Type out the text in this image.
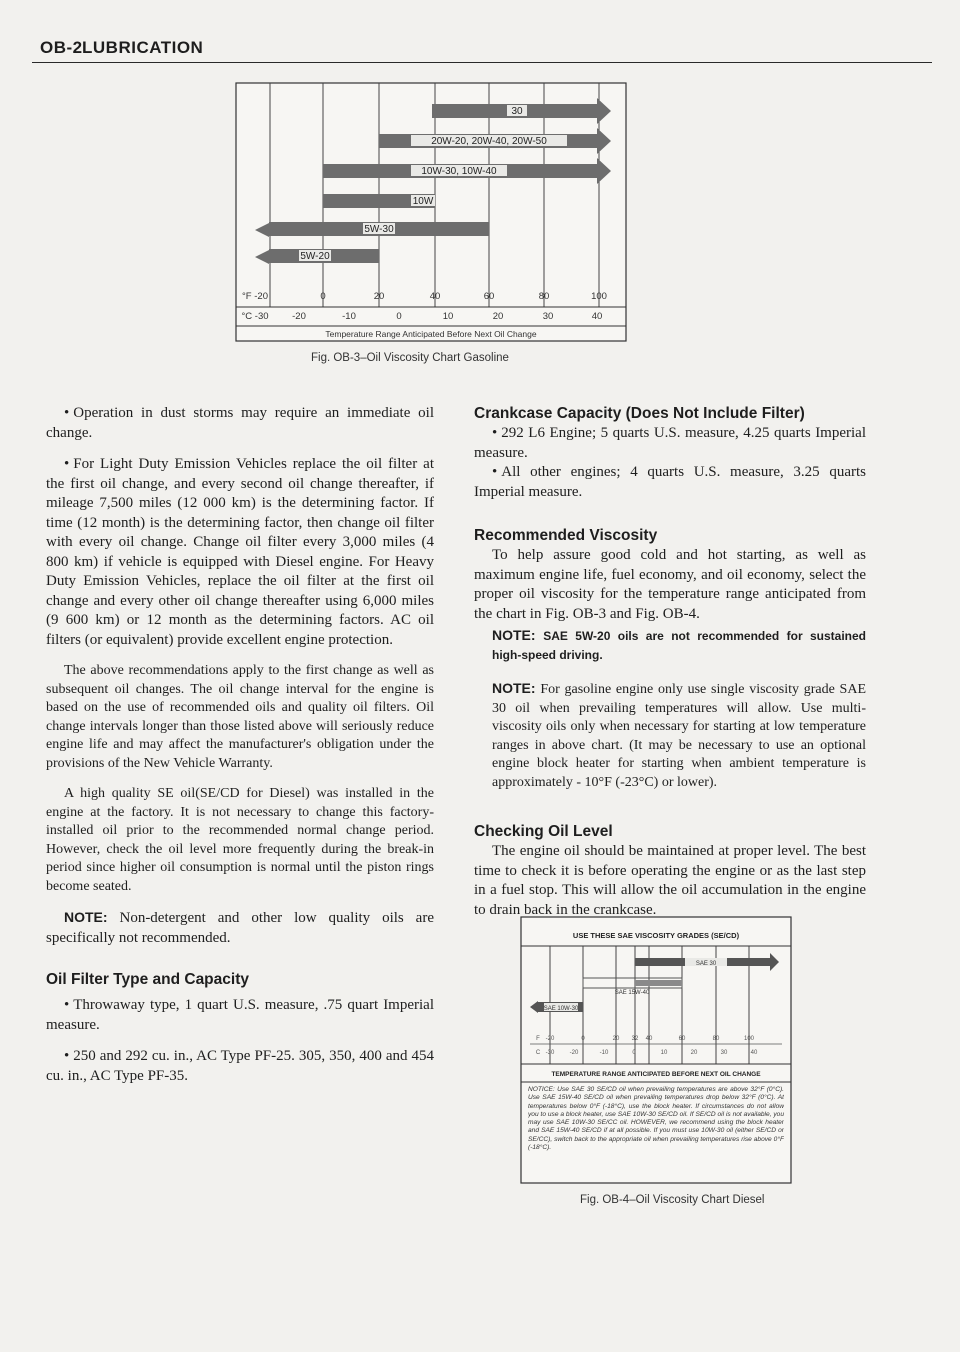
OB-2 LUBRICATION
30
20W-20, 20W-40, 20W-50
10W-30, 10W-40
10W
5W-30
5W-20
°F -20	0	20	40	60	80	100
°C -30 -20	-10	0	10	20	30	40
Temperature Range Anticipated Before Next Oil Change
Fig. OB-3–Oil Viscosity Chart Gasoline

• Operation in dust storms may require an immediate oil change.

• For Light Duty Emission Vehicles replace the oil filter at the first oil change, and every second oil change thereafter, if mileage 7,500 miles (12 000 km) is the determining factor. If time (12 month) is the determining factor, then change oil filter with every oil change. Change oil filter every 3,000 miles (4 800 km) if vehicle is equipped with Diesel engine. For Heavy Duty Emission Vehicles, replace the oil filter at the first oil change and every other oil change thereafter using 6,000 miles (9 600 km) or 12 month as the determining factors. AC oil filters (or equivalent) provide excellent engine protection.

The above recommendations apply to the first change as well as subsequent oil changes. The oil change interval for the engine is based on the use of recommended oils and quality oil filters. Oil change intervals longer than those listed above will seriously reduce engine life and may affect the manufacturer's obligation under the provisions of the New Vehicle Warranty.

A high quality SE oil(SE/CD for Diesel) was installed in the engine at the factory. It is not necessary to change this factory-installed oil prior to the recommended normal change period. However, check the oil level more frequently during the break-in period since higher oil consumption is normal until the piston rings become seated.

NOTE: Non-detergent and other low quality oils are specifically not recommended.

Oil Filter Type and Capacity

• Throwaway type, 1 quart U.S. measure, .75 quart Imperial measure.

• 250 and 292 cu. in., AC Type PF-25. 305, 350, 400 and 454 cu. in., AC Type PF-35.

Crankcase Capacity (Does Not Include Filter)

• 292 L6 Engine; 5 quarts U.S. measure, 4.25 quarts Imperial measure.

• All other engines; 4 quarts U.S. measure, 3.25 quarts Imperial measure.

Recommended Viscosity

To help assure good cold and hot starting, as well as maximum engine life, fuel economy, and oil economy, select the proper oil viscosity for the temperature range anticipated from the chart in Fig. OB-3 and Fig. OB-4.

NOTE: SAE 5W-20 oils are not recommended for sustained high-speed driving.

NOTE: For gasoline engine only use single viscosity grade SAE 30 oil when prevailing temperatures will allow. Use multi-viscosity oils only when necessary for starting at low temperature ranges in above chart. (It may be necessary to use an optional engine block heater for starting when ambient temperature is approximately - 10°F (-23°C) or lower).

Checking Oil Level

The engine oil should be maintained at proper level. The best time to check it is before operating the engine or as the last step in a fuel stop. This will allow the oil accumulation in the engine to drain back in the crankcase.

USE THESE SAE VISCOSITY GRADES (SE/CD)
SAE 30
SAE 15W-40
SAE 10W-30
F -20	0	20 32 40	60	80	100
C -30	-20	-10	0	10	20	30	40
TEMPERATURE RANGE ANTICIPATED BEFORE NEXT OIL CHANGE
NOTICE: Use SAE 30 SE/CD oil when prevailing temperatures are above 32°F (0°C). Use SAE 15W-40 SE/CD oil when prevailing temperatures drop below 32°F (0°C). At temperatures below 0°F (-18°C), use the block heater. If circumstances do not allow you to use a block heater, use SAE 10W-30 SE/CD oil. If SE/CD oil is not available, you may use SAE 10W-30 SE/CC oil. HOWEVER, we recommend using the block heater and SAE 15W-40 SE/CD if at all possible. If you must use 10W-30 oil (either SE/CD or SE/CC), switch back to the appropriate oil when prevailing temperatures rise above 0°F (-18°C).
Fig. OB-4–Oil Viscosity Chart Diesel
